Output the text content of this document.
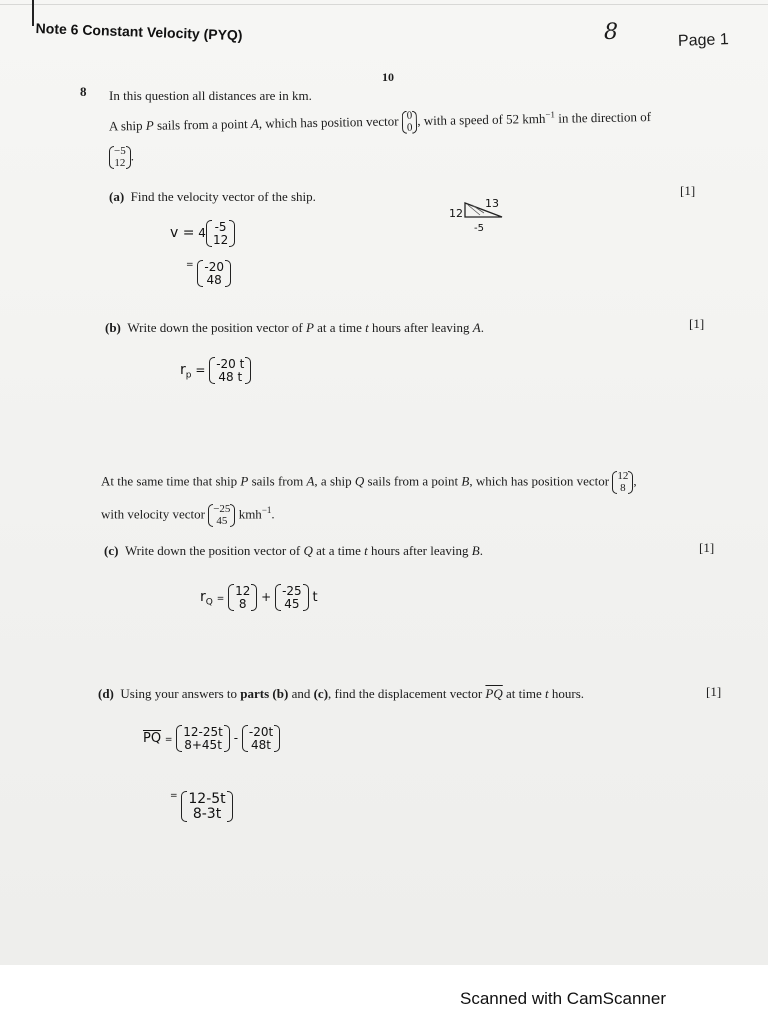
Note 6 Constant Velocity (PYQ)	8	Page 1
10
8 In this question all distances are in km.
A ship P sails from a point A, which has position vector 0
0 , with a speed of 52 kmh$^{-1}$ in the direction of
−5
12 .
(a) Find the velocity vector of the ship.	[1]
v = 4 -5
12
= -20
48
13
12
-5
(b) Write down the position vector of P at a time t hours after leaving A.	[1]
$r_p = -20$ t
48 t
At the same time that ship P sails from A, a ship Q sails from a point B, which has position vector 12
8 ,
with velocity vector −25
45 kmh$^{-1}$.
(c) Write down the position vector of Q at a time t hours after leaving B.	[1]
$r_Q$ =
12
8	+ -25
45 t
(d) Using your answers to parts (b) and (c), find the displacement vector $\overline{PQ}$ at time t hours.	[1]
$\overline{PQ}$ =
12-25t
8+45t - -20t
48t
= 12-5t
8-3t
Scanned with CamScanner
